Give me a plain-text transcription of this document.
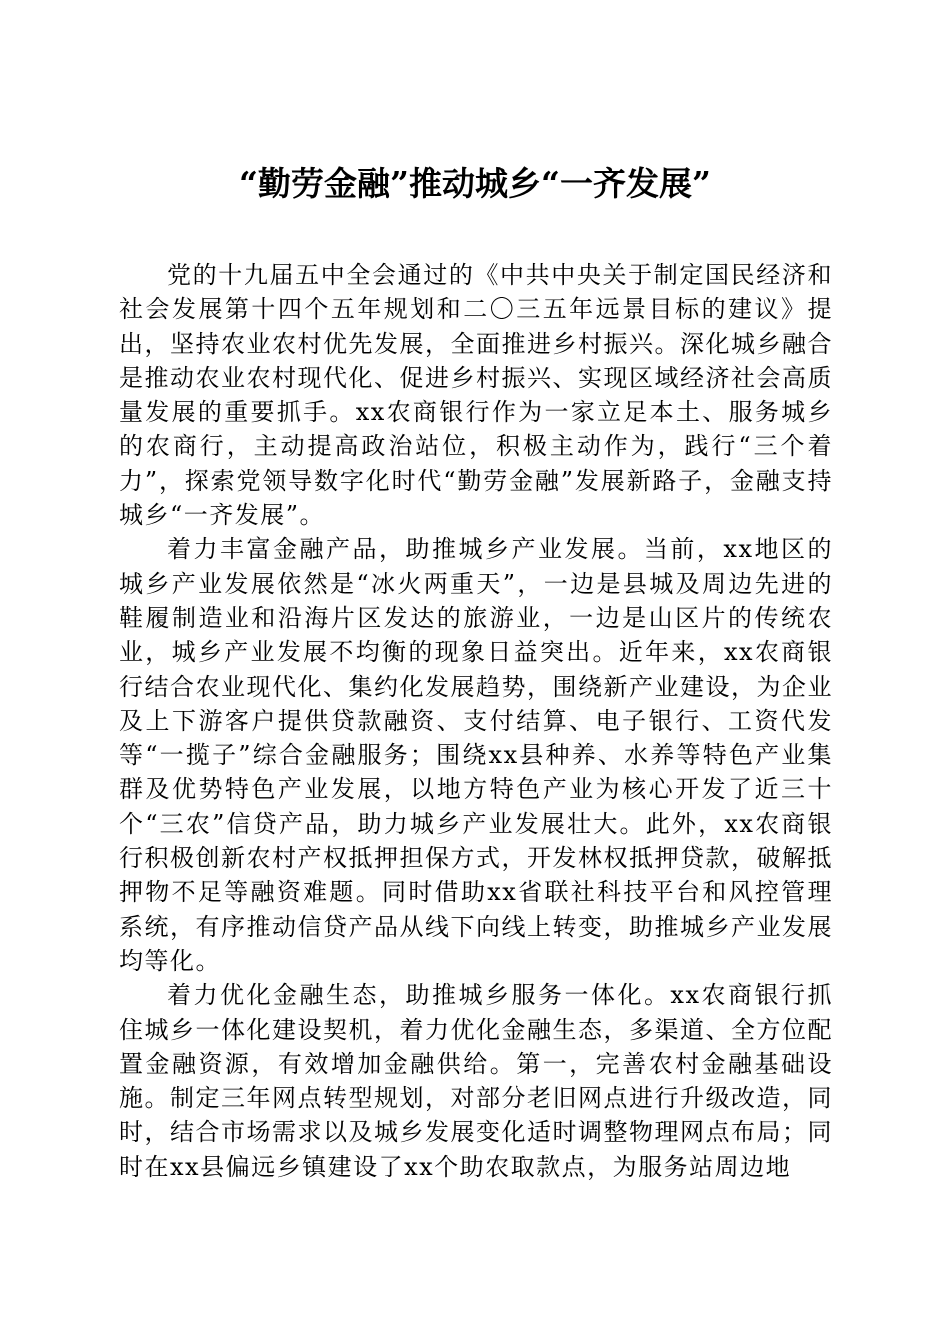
“勤劳金融”推动城乡“一齐发展”

党的十九届五中全会通过的《中共中央关于制定国民经济和社会发展第十四个五年规划和二〇三五年远景目标的建议》提出，坚持农业农村优先发展，全面推进乡村振兴。深化城乡融合是推动农业农村现代化、促进乡村振兴、实现区域经济社会高质量发展的重要抓手。xx农商银行作为一家立足本土、服务城乡的农商行，主动提高政治站位，积极主动作为，践行“三个着力”，探索党领导数字化时代“勤劳金融”发展新路子，金融支持城乡“一齐发展”。

着力丰富金融产品，助推城乡产业发展。当前，xx地区的城乡产业发展依然是“冰火两重天”，一边是县城及周边先进的鞋履制造业和沿海片区发达的旅游业，一边是山区片的传统农业，城乡产业发展不均衡的现象日益突出。近年来，xx农商银行结合农业现代化、集约化发展趋势，围绕新产业建设，为企业及上下游客户提供贷款融资、支付结算、电子银行、工资代发等“一揽子”综合金融服务；围绕xx县种养、水养等特色产业集群及优势特色产业发展，以地方特色产业为核心开发了近三十个“三农”信贷产品，助力城乡产业发展壮大。此外，xx农商银行积极创新农村产权抵押担保方式，开发林权抵押贷款，破解抵押物不足等融资难题。同时借助xx省联社科技平台和风控管理系统，有序推动信贷产品从线下向线上转变，助推城乡产业发展均等化。

着力优化金融生态，助推城乡服务一体化。xx农商银行抓住城乡一体化建设契机，着力优化金融生态，多渠道、全方位配置金融资源，有效增加金融供给。第一，完善农村金融基础设施。制定三年网点转型规划，对部分老旧网点进行升级改造，同时，结合市场需求以及城乡发展变化适时调整物理网点布局；同时在xx县偏远乡镇建设了xx个助农取款点，为服务站周边地
